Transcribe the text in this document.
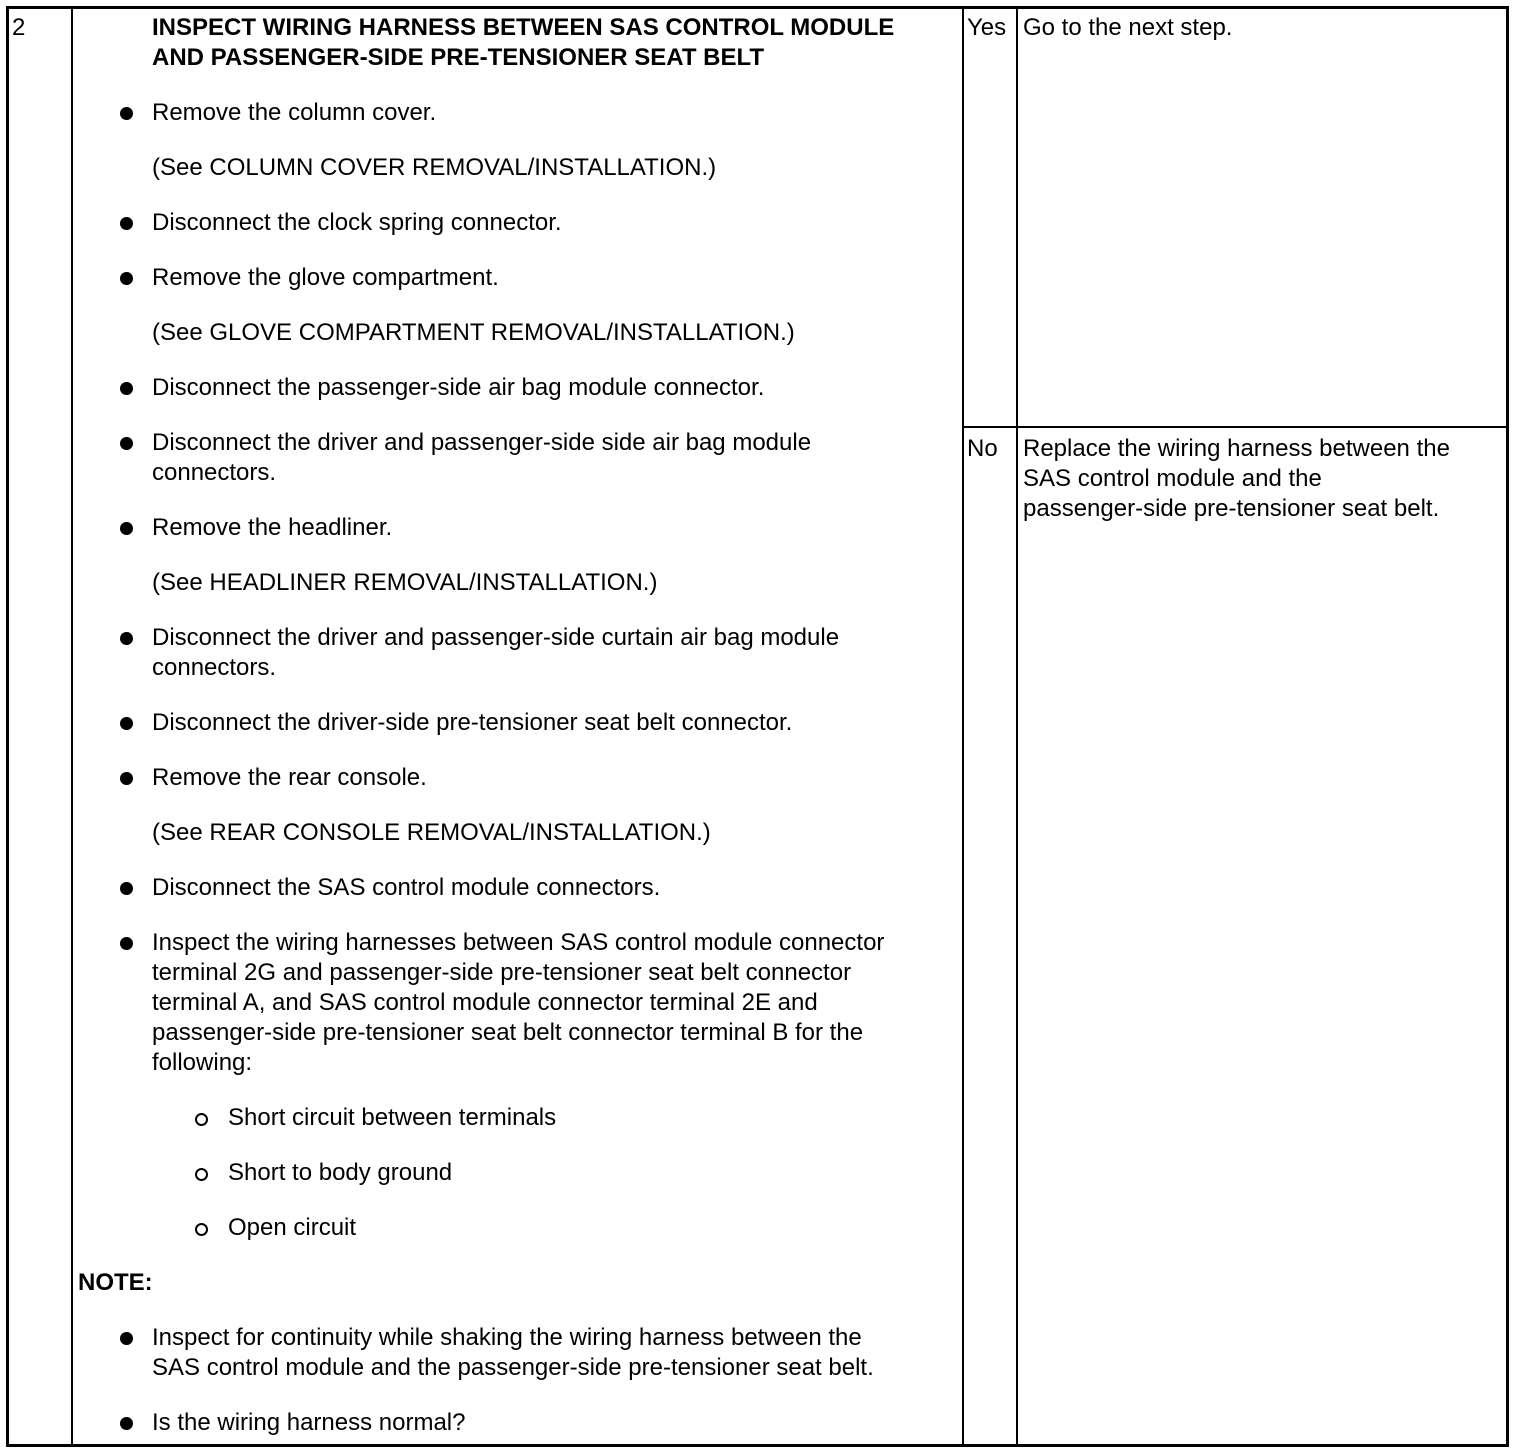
2	INSPECT WIRING HARNESS BETWEEN SAS CONTROL MODULE
AND PASSENGER-SIDE PRE-TENSIONER SEAT BELT
Remove the column cover.
(See COLUMN COVER REMOVAL/INSTALLATION.)
Disconnect the clock spring connector.
Remove the glove compartment.
(See GLOVE COMPARTMENT REMOVAL/INSTALLATION.)
Disconnect the passenger-side air bag module connector.
Disconnect the driver and passenger-side side air bag module
connectors.
Remove the headliner.
(See HEADLINER REMOVAL/INSTALLATION.)
Disconnect the driver and passenger-side curtain air bag module
connectors.
Disconnect the driver-side pre-tensioner seat belt connector.
Remove the rear console.
(See REAR CONSOLE REMOVAL/INSTALLATION.)
Disconnect the SAS control module connectors.
Inspect the wiring harnesses between SAS control module connector
terminal 2G and passenger-side pre-tensioner seat belt connector
terminal A, and SAS control module connector terminal 2E and
passenger-side pre-tensioner seat belt connector terminal B for the
following:
Short circuit between terminals
Short to body ground
Open circuit
NOTE:
Inspect for continuity while shaking the wiring harness between the
SAS control module and the passenger-side pre-tensioner seat belt.
Is the wiring harness normal?
Yes Go to the next step.
No Replace the wiring harness between the
SAS control module and the
passenger-side pre-tensioner seat belt.
